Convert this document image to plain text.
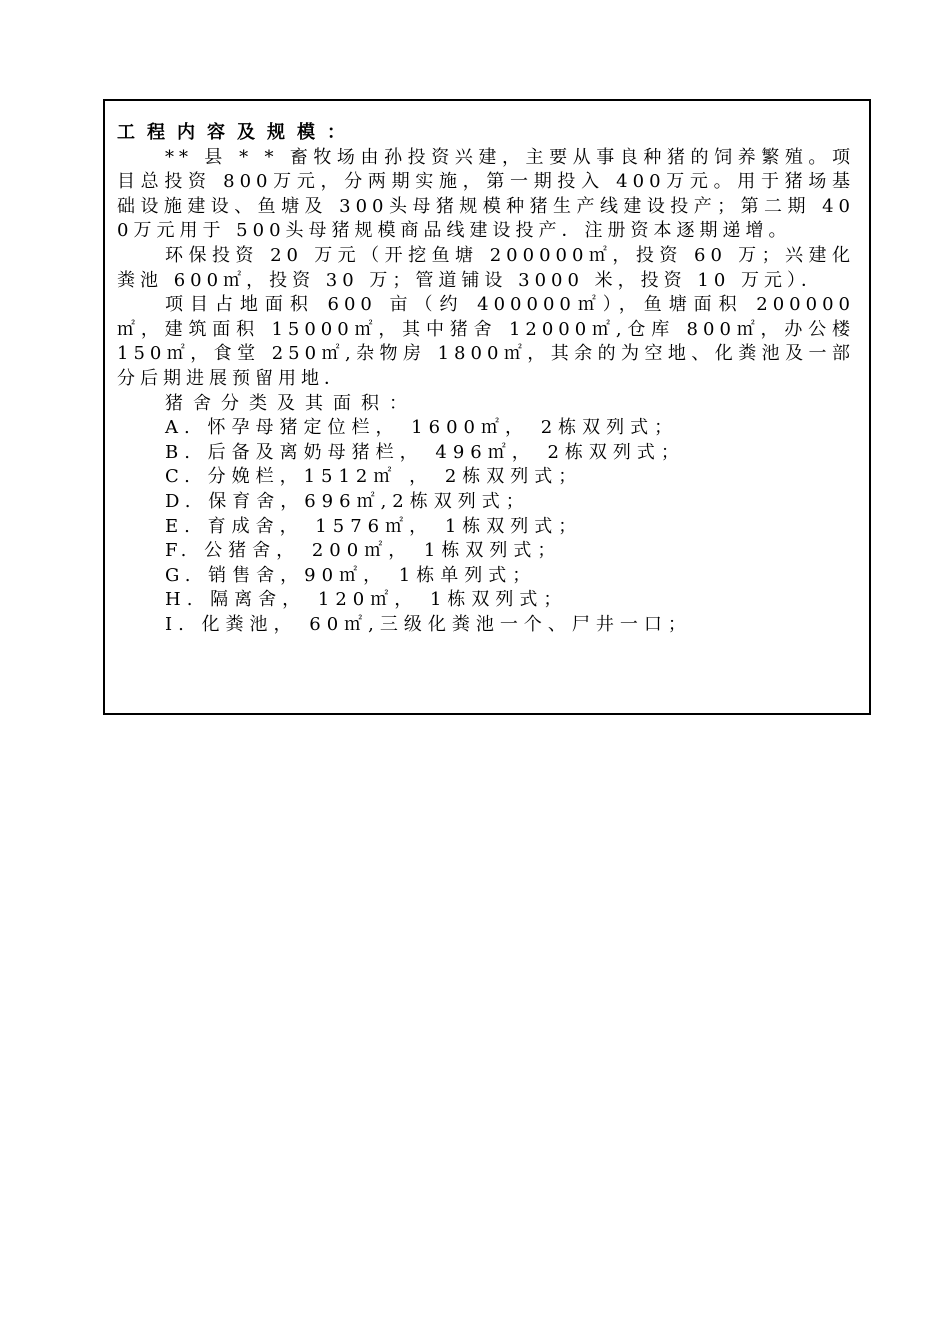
工程内容及规模：

** 县 * * 畜牧场由孙投资兴建，主要从事良种猪的饲养繁殖。项目总投资 800万元，分两期实施，第一期投入 400万元。用于猪场基础设施建设、鱼塘及 300头母猪规模种猪生产线建设投产；第二期 400万元用于 500头母猪规模商品线建设投产．注册资本逐期递增。

环保投资 20 万元（开挖鱼塘 200000㎡，投资 60 万；兴建化粪池 600㎡，投资 30 万；管道铺设 3000 米，投资 10 万元）．

项目占地面积 600 亩（约 400000㎡），鱼塘面积 200000㎡，建筑面积 15000㎡，其中猪舍 12000㎡,仓库 800㎡，办公楼 150㎡，食堂 250㎡,杂物房 1800㎡，其余的为空地、化粪池及一部分后期进展预留用地．

猪舍分类及其面积：
A. 怀孕母猪定位栏， 1600㎡， 2栋双列式；
B. 后备及离奶母猪栏， 496㎡， 2栋双列式；
C. 分娩栏，1512㎡ ， 2栋双列式；
D. 保育舍，696㎡,2栋双列式；
E. 育成舍， 1576㎡， 1栋双列式；
F. 公猪舍， 200㎡， 1栋双列式；
G. 销售舍，90㎡， 1栋单列式；
H. 隔离舍， 120㎡， 1栋双列式；
I. 化粪池， 60㎡,三级化粪池一个、尸井一口；
